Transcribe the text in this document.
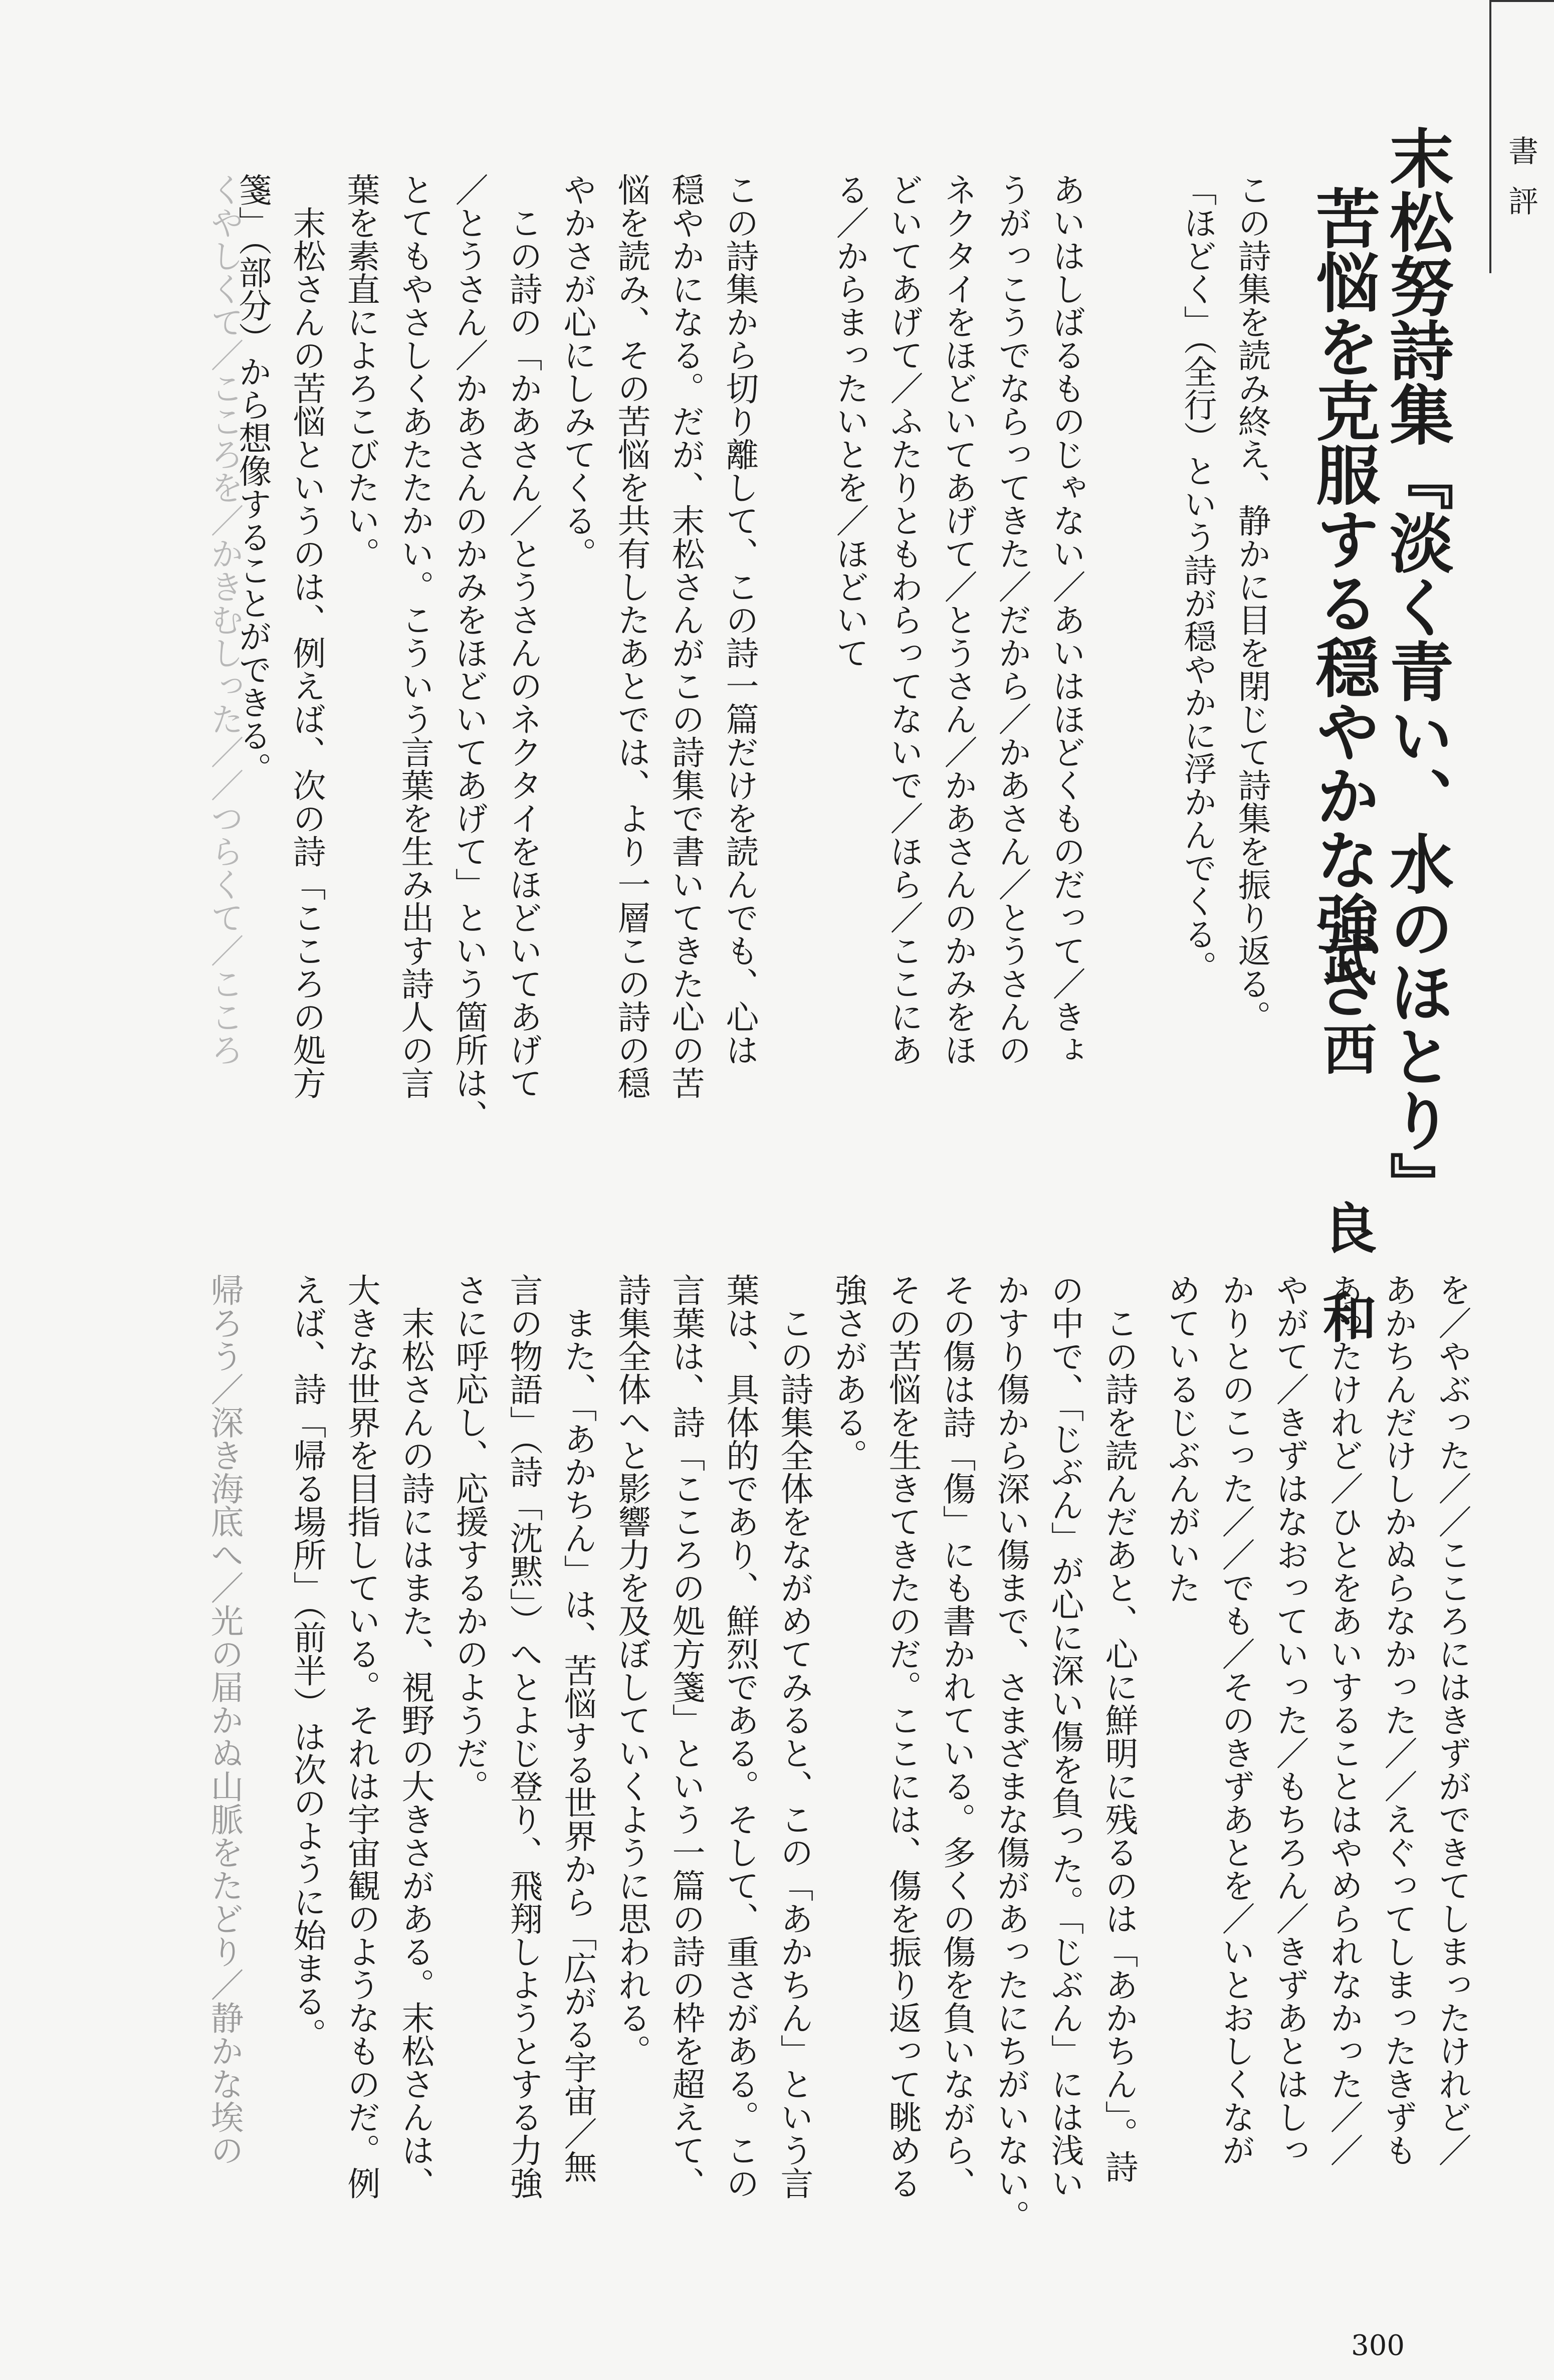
書評
末松努詩集『淡く青い、水のほとり』
苦悩を克服する穏やかな強さ
武西　良和

この詩集を読み終え、静かに目を閉じて詩集を振り返る。

「ほどく」（全行）という詩が穏やかに浮かんでくる。

あいはしばるものじゃない／あいはほどくものだって／きょ

うがっこうでならってきた／だから／かあさん／とうさんの

ネクタイをほどいてあげて／とうさん／かあさんのかみをほ

どいてあげて／ふたりともわらってないで／ほら／ここにあ

る／からまったいとを／ほどいて

この詩集から切り離して、この詩一篇だけを読んでも、心は

穏やかになる。だが、末松さんがこの詩集で書いてきた心の苦

悩を読み、その苦悩を共有したあとでは、より一層この詩の穏

やかさが心にしみてくる。

この詩の「かあさん／とうさんのネクタイをほどいてあげて

／とうさん／かあさんのかみをほどいてあげて」という箇所は、

とてもやさしくあたたかい。こういう言葉を生み出す詩人の言

葉を素直によろこびたい。

末松さんの苦悩というのは、例えば、次の詩「こころの処方

箋」（部分）から想像することができる。

くやしくて／こころを／かきむしった／／つらくて／こころ

を／やぶった／／こころにはきずができてしまったけれど／

あかちんだけしかぬらなかった／／えぐってしまったきずも

あったけれど／ひとをあいすることはやめられなかった／／

やがて／きずはなおっていった／もちろん／きずあとはしっ

かりとのこった／／でも／そのきずあとを／いとおしくなが

めているじぶんがいた

この詩を読んだあと、心に鮮明に残るのは「あかちん」。詩

の中で、「じぶん」が心に深い傷を負った。「じぶん」には浅い

かすり傷から深い傷まで、さまざまな傷があったにちがいない。

その傷は詩「傷」にも書かれている。多くの傷を負いながら、

その苦悩を生きてきたのだ。ここには、傷を振り返って眺める

強さがある。

この詩集全体をながめてみると、この「あかちん」という言

葉は、具体的であり、鮮烈である。そして、重さがある。この

言葉は、詩「こころの処方箋」という一篇の詩の枠を超えて、

詩集全体へと影響力を及ぼしていくように思われる。

また、「あかちん」は、苦悩する世界から「広がる宇宙／無

言の物語」（詩「沈黙」）へとよじ登り、飛翔しようとする力強

さに呼応し、応援するかのようだ。

末松さんの詩にはまた、視野の大きさがある。末松さんは、

大きな世界を目指している。それは宇宙観のようなものだ。例

えば、詩「帰る場所」（前半）は次のように始まる。

帰ろう／深き海底へ／光の届かぬ山脈をたどり／静かな埃の

300
